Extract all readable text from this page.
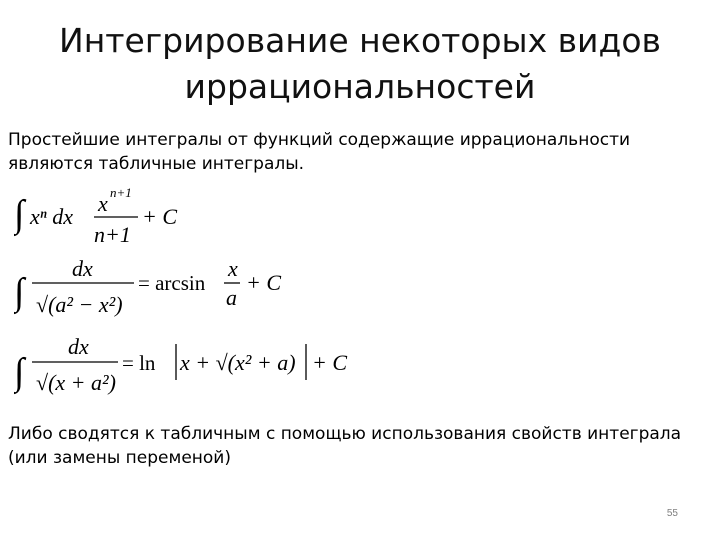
Интегрирование некоторых видов
иррациональностей
Простейшие интегралы от функций содержащие иррациональности являются табличные интегралы.
∫ xⁿ dx
x n+1
n+1
+ C
∫
dx
√(a² − x²)
= arcsin
x
a
+ C
∫
dx
√(x + a²)
= ln x + √(x² + a) + C
Либо сводятся к табличным с помощью использования свойств интеграла (или замены переменой)
55
